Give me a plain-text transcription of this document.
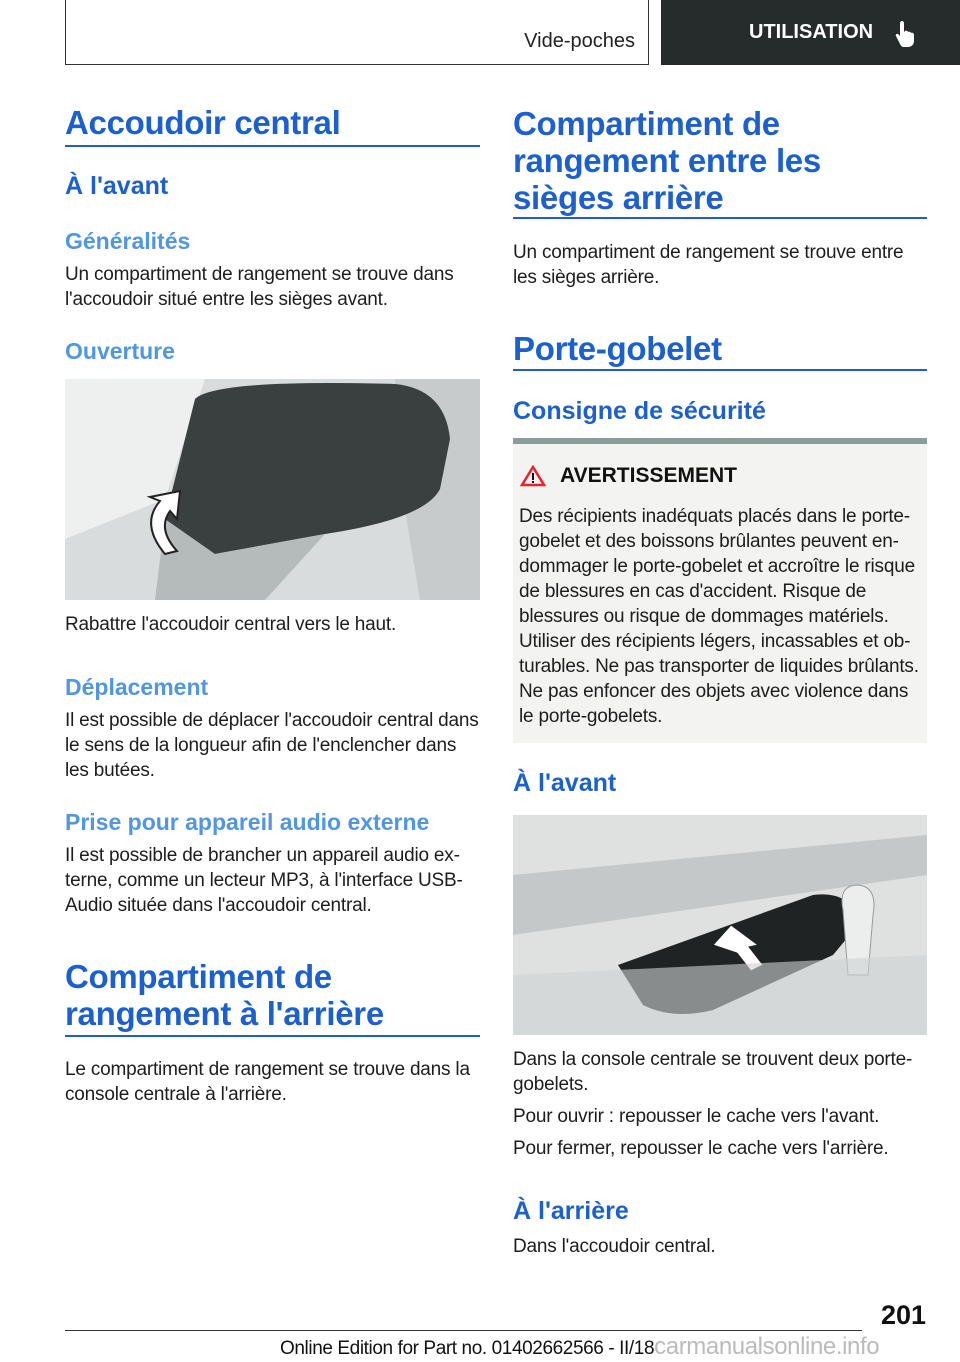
Vide-poches	UTILISATION
Accoudoir central
À l'avant
Généralités
Un compartiment de rangement se trouve dans l'accoudoir situé entre les sièges avant.
Ouverture
Rabattre l'accoudoir central vers le haut.
Déplacement
Il est possible de déplacer l'accoudoir central dans le sens de la longueur afin de l'enclencher dans les butées.
Prise pour appareil audio externe
Il est possible de brancher un appareil audio externe, comme un lecteur MP3, à l'interface USB-Audio située dans l'accoudoir central.
Compartiment de rangement à l'arrière
Le compartiment de rangement se trouve dans la console centrale à l'arrière.
Compartiment de rangement entre les sièges arrière
Un compartiment de rangement se trouve entre les sièges arrière.
Porte-gobelet
Consigne de sécurité
AVERTISSEMENT
Des récipients inadéquats placés dans le porte-gobelet et des boissons brûlantes peuvent endommager le porte-gobelet et accroître le risque de blessures en cas d'accident. Risque de blessures ou risque de dommages matériels. Utiliser des récipients légers, incassables et obturables. Ne pas transporter de liquides brûlants. Ne pas enfoncer des objets avec violence dans le porte-gobelets.
À l'avant
Dans la console centrale se trouvent deux porte-gobelets.
Pour ouvrir : repousser le cache vers l'avant.
Pour fermer, repousser le cache vers l'arrière.
À l'arrière
Dans l'accoudoir central.
201
Online Edition for Part no. 01402662566 - II/18carmanualsonline.info
